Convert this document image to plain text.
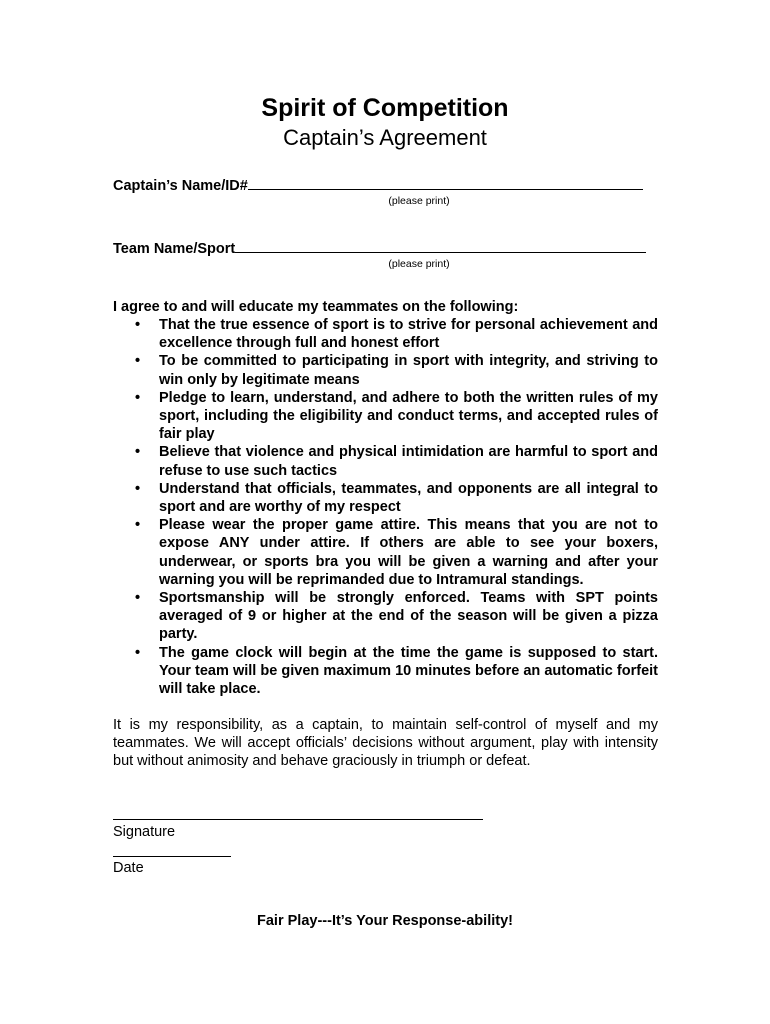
Spirit of Competition
Captain’s Agreement
Captain’s Name/ID#
(please print)
Team Name/Sport
(please print)
I agree to and will educate my teammates on the following:
• That the true essence of sport is to strive for personal achievement and excellence through full and honest effort
• To be committed to participating in sport with integrity, and striving to win only by legitimate means
• Pledge to learn, understand, and adhere to both the written rules of my sport, including the eligibility and conduct terms, and accepted rules of fair play
• Believe that violence and physical intimidation are harmful to sport and refuse to use such tactics
• Understand that officials, teammates, and opponents are all integral to sport and are worthy of my respect
• Please wear the proper game attire. This means that you are not to expose ANY under attire. If others are able to see your boxers, underwear, or sports bra you will be given a warning and after your warning you will be reprimanded due to Intramural standings.
• Sportsmanship will be strongly enforced. Teams with SPT points averaged of 9 or higher at the end of the season will be given a pizza party.
• The game clock will begin at the time the game is supposed to start. Your team will be given maximum 10 minutes before an automatic forfeit will take place.
It is my responsibility, as a captain, to maintain self-control of myself and my teammates. We will accept officials’ decisions without argument, play with intensity but without animosity and behave graciously in triumph or defeat.
Signature
Date
Fair Play---It’s Your Response-ability!
